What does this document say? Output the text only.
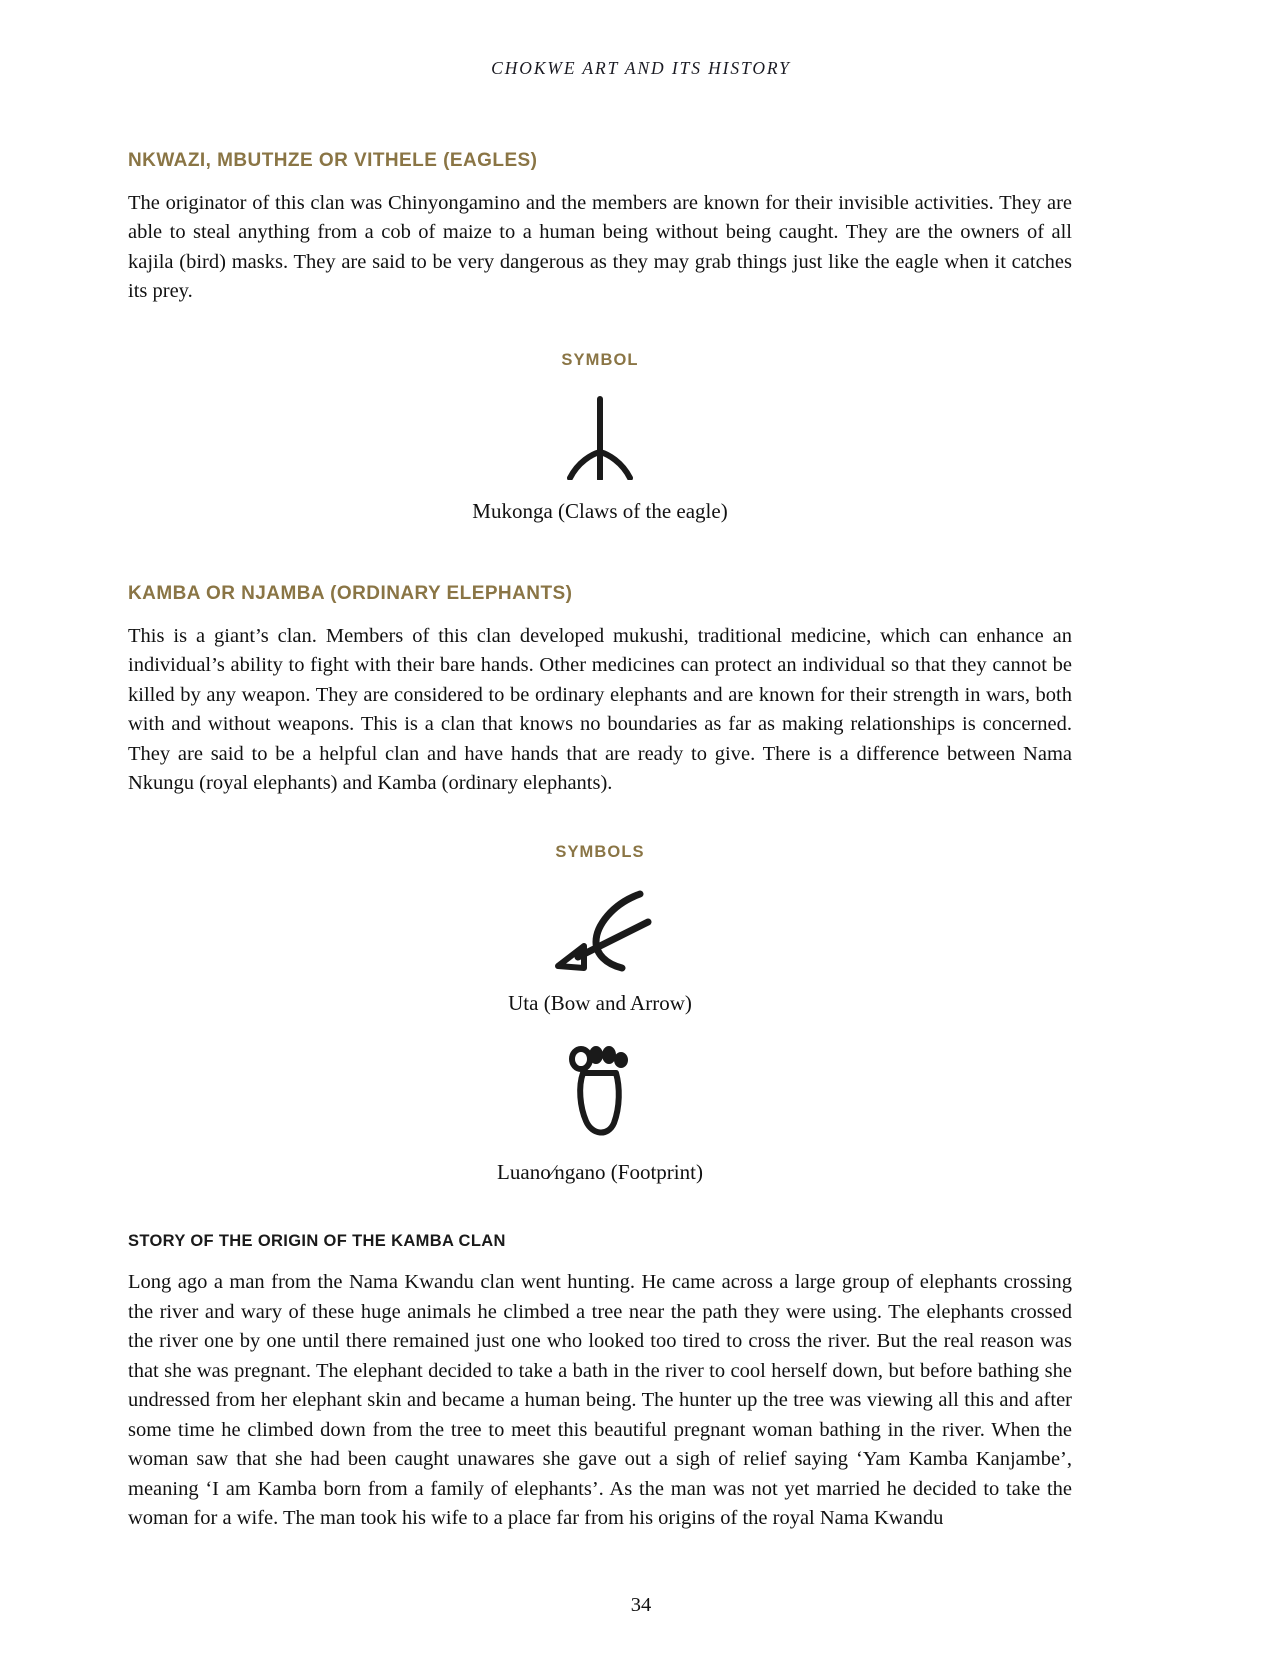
CHOKWE ART AND ITS HISTORY
NKWAZI, MBUTHZE OR VITHELE (EAGLES)

The originator of this clan was Chinyongamino and the members are known for their invisible activities. They are able to steal anything from a cob of maize to a human being without being caught. They are the owners of all kajila (bird) masks. They are said to be very dangerous as they may grab things just like the eagle when it catches its prey.

SYMBOL
Mukonga (Claws of the eagle)
KAMBA OR NJAMBA (ORDINARY ELEPHANTS)

This is a giant’s clan. Members of this clan developed mukushi, traditional medicine, which can enhance an individual’s ability to fight with their bare hands. Other medicines can protect an individual so that they cannot be killed by any weapon. They are considered to be ordinary elephants and are known for their strength in wars, both with and without weapons. This is a clan that knows no boundaries as far as making relationships is concerned. They are said to be a helpful clan and have hands that are ready to give. There is a difference between Nama Nkungu (royal elephants) and Kamba (ordinary elephants).

SYMBOLS
Uta (Bow and Arrow)
Luano∕ngano (Footprint)
STORY OF THE ORIGIN OF THE KAMBA CLAN

Long ago a man from the Nama Kwandu clan went hunting. He came across a large group of elephants crossing the river and wary of these huge animals he climbed a tree near the path they were using. The elephants crossed the river one by one until there remained just one who looked too tired to cross the river. But the real reason was that she was pregnant. The elephant decided to take a bath in the river to cool herself down, but before bathing she undressed from her elephant skin and became a human being. The hunter up the tree was viewing all this and after some time he climbed down from the tree to meet this beautiful pregnant woman bathing in the river. When the woman saw that she had been caught unawares she gave out a sigh of relief saying ‘Yam Kamba Kanjambe’, meaning ‘I am Kamba born from a family of elephants’. As the man was not yet married he decided to take the woman for a wife. The man took his wife to a place far from his origins of the royal Nama Kwandu

34
